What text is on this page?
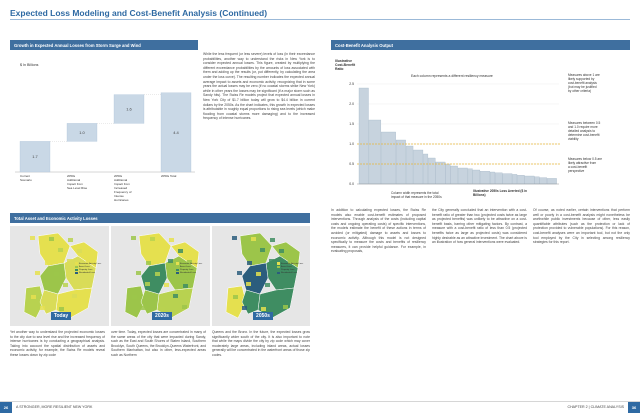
Expected Loss Modeling and Cost-Benefit Analysis (Continued)
Growth in Expected Annual Losses from Storm Surge and Wind	Cost-Benefit Analysis Output
Total Asset and Economic Activity Losses
$ In Billions
1.7
Current
Scenario
1.0
2050s
Additional
Impact from
Sea Level Rise
1.6
2050s
Additional
Impact from
Increased
Frequency of
Intense
Hurricanes
4.4
2050s Total
While the less frequent (or less severe) levels of loss (in their exceedance probabilities, another way to understand the risks in New York is to consider expected annual losses. This figure, created by multiplying the different exceedance probabilities by the amounts of loss associated with them and adding up the results (or, put differently, by calculating the area under the loss curve). The resulting number indicates the expected annual average impact to assets and economic activity, recognizing that in some years the actual losses may be zero (if no coastal storms strike New York) while in other years the losses may be significant (if a major storm such as Sandy hits). The Swiss Re models project that expected annual losses in New York City of $1.7 billion today will grow to $4.4 billion in current dollars by the 2050s. As the chart indicates, this growth in expected losses is attributable in roughly equal proportions to rising sea levels (which make flooding from coastal storms more damaging) and to the increased frequency of intense hurricanes.
Illustrative
Cost-Benefit
Ratio
0.0
0.5
1.0
1.5
2.0
2.5
Each column represents a different resiliency measure	Measures above 1 are
likely supported by
cost-benefit analysis
(but may be justified
by other criteria)
Measures between 0.5
and 1.0 require more
detailed analysis to
determine cost-benefit
viability
Measures below 0.5 are
likely attractive from
a cost-benefit
perspective
Column width represents the total
impact of that measure in the 2050s
Illustrative 2050s Loss Averted ($ in
Billions)
Today	2020s	2050s
Economic Activity Loss
Asset Loss
Property Loss
Residential Loss
Economic Activity Loss
Asset Loss
Property Loss
Residential Loss
Economic Activity Loss
Asset Loss
Property Loss
Residential Loss
Yet another way to understand the projected economic losses to the city due to sea level rise and the increased frequency of intense hurricanes is by conducting a geographical analysis. Taking into account the spatial distribution of assets and economic activity, for example, the Swiss Re models reveal these losses down by zip code
over time. Today, expected losses are concentrated in many of the same areas of the city that were impacted during Sandy, such as the East and South Shores of Staten Island, Southern Brooklyn, South Queens, the Brooklyn-Queens Waterfront, and Southern Manhattan, but also in other, less-expected areas such as Northern
Queens and the Bronx. In the future, the expected losses grow significantly wider south of the city. It is also important to note that while the maps divide the city by zip code which may cover moderately large areas, including inland areas, actual losses generally will be concentrated in the waterfront areas of those zip codes.
In addition to calculating expected losses, the Swiss Re models also enable cost-benefit estimates of proposed interventions. Through analysis of the costs (including capital costs and ongoing operating costs) of specific interventions, the models estimate the benefit of these actions in terms of avoided (or mitigated) damage to assets and losses to economic activity. Although this model is not designed specifically to measure the costs and benefits of resiliency measures, it can provide helpful guidance. For example, in evaluating proposals,
the City generally concluded that an intervention with a cost-benefit ratio of greater than two (projected costs twice as large as projected benefits) was unlikely to be attractive on a cost-benefit basis, barring other mitigating factors. By contrast, a measure with a cost-benefit ratio of less than 0.5 (projected benefits twice as large as projected costs) was considered highly desirable as an attractive investment. The chart above is an illustration of how general interventions were evaluated.
Of course, as noted earlier, certain interventions that perform well or poorly in a cost-benefit analysis might nonetheless be worthwhile public investments because of other, less easily quantifiable attributes (such as the protection or lack of protection provided to vulnerable populations). For this reason, cost-benefit analyses were an important tool, but not the only tool employed by the City in selecting among resiliency strategies for this report.
26	A STRONGER, MORE RESILIENT NEW YORK	CHAPTER 2 | CLIMATE ANALYSIS	36
